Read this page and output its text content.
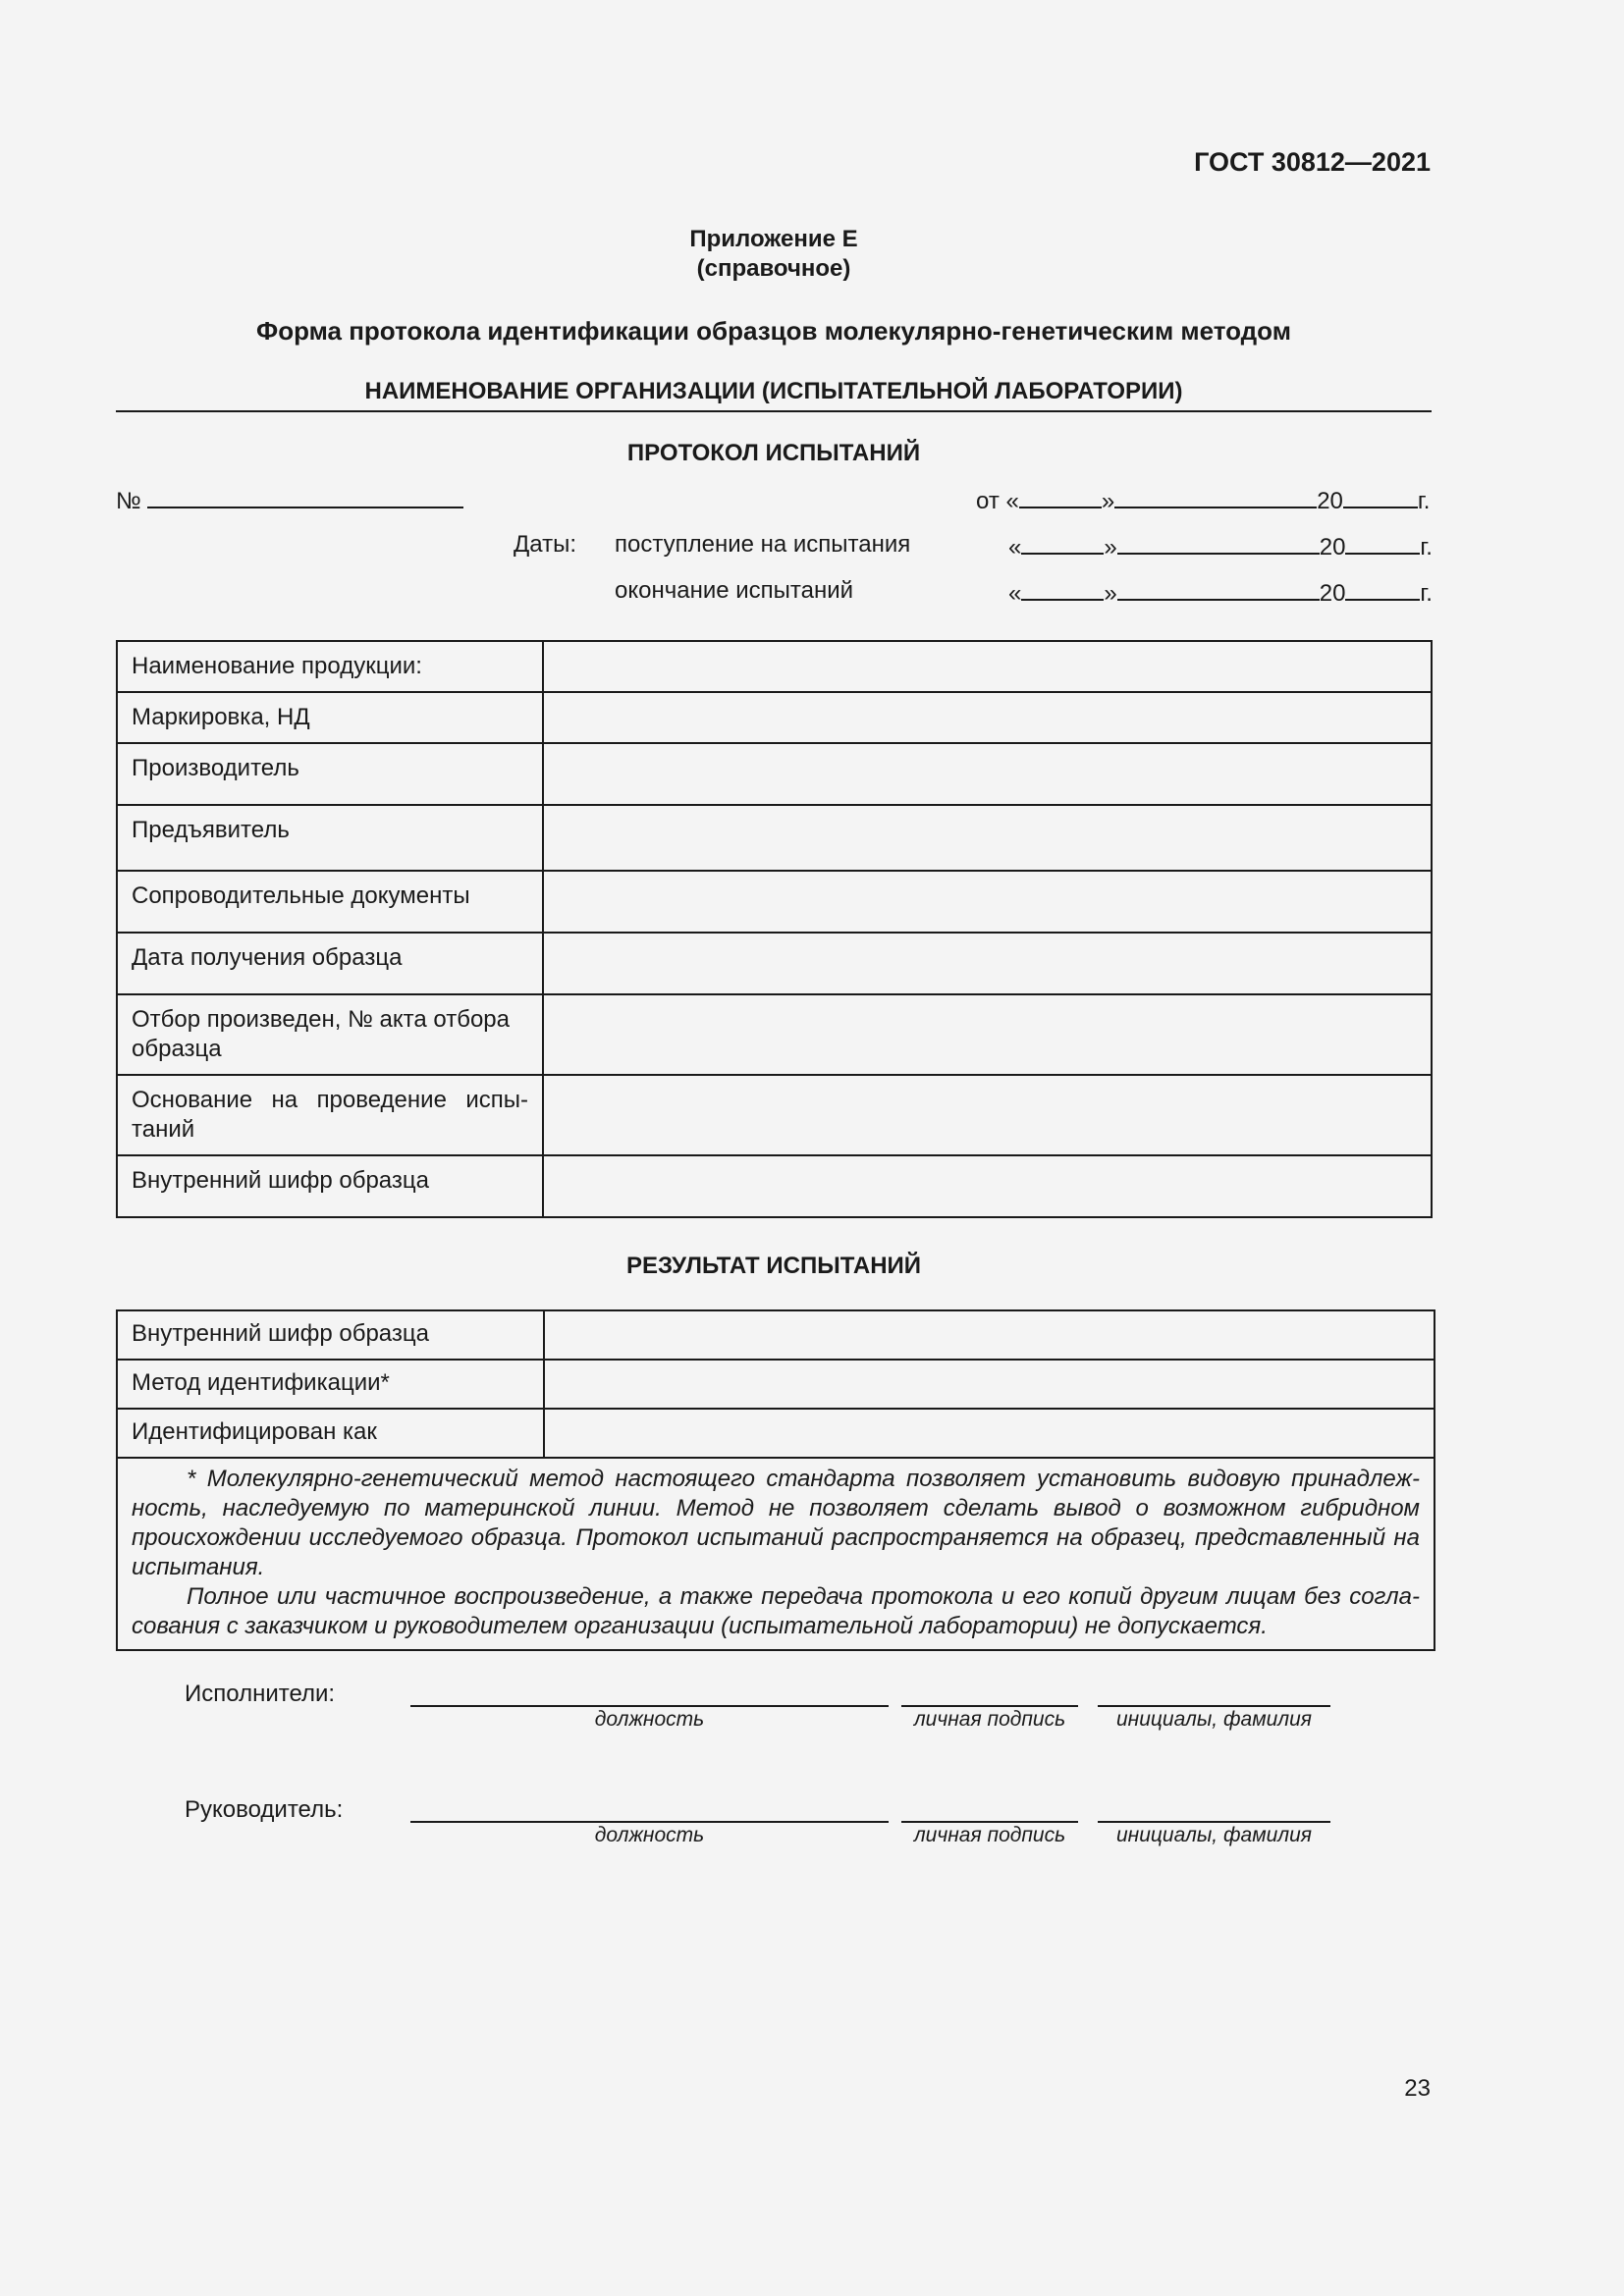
ГОСТ 30812—2021
Приложение Е
(справочное)
Форма протокола идентификации образцов молекулярно-генетическим методом
НАИМЕНОВАНИЕ ОРГАНИЗАЦИИ (ИСПЫТАТЕЛЬНОЙ ЛАБОРАТОРИИ)
ПРОТОКОЛ ИСПЫТАНИЙ
№	от «	»	20	г.
Даты: поступление на испытания	«	»	20	г.
окончание испытаний	«	»	20	г.
Наименование продукции:	
Маркировка, НД	
Производитель	
Предъявитель	
Сопроводительные документы	
Дата получения образца	
Отбор произведен, № акта отбора образца	
Основание на проведение испы-таний	
Внутренний шифр образца	
РЕЗУЛЬТАТ ИСПЫТАНИЙ
Внутренний шифр образца	
Метод идентификации*	
Идентифицирован как	

* Молекулярно-генетический метод настоящего стандарта позволяет установить видовую принадлеж-ность, наследуемую по материнской линии. Метод не позволяет сделать вывод о возможном гибридном происхождении исследуемого образца. Протокол испытаний распространяется на образец, представленный на испытания.

Полное или частичное воспроизведение, а также передача протокола и его копий другим лицам без согла-сования с заказчиком и руководителем организации (испытательной лаборатории) не допускается.	

Исполнители:
должность	личная подпись	инициалы, фамилия
Руководитель:
должность	личная подпись	инициалы, фамилия
23
